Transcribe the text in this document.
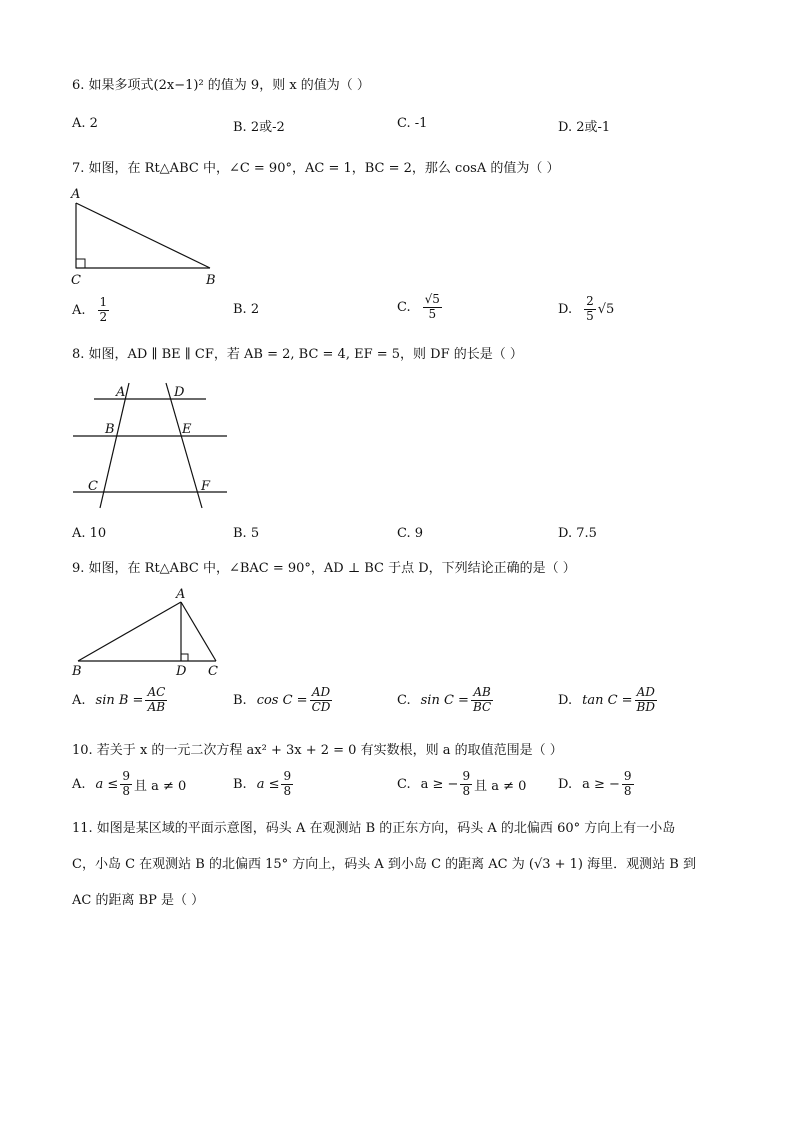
6. 如果多项式(2x−1)² 的值为 9，则 x 的值为（ ）
A. 2	B. 2或-2	C. -1	D. 2或-1
7. 如图，在 Rt△ABC 中，∠C = 90°，AC = 1，BC = 2，那么 cosA 的值为（ ）
A
C	B
A. $\frac{1}{2}$	B. 2	C. $\frac{√5}{5}$	D. $\frac{2}{5} √5$
8. 如图，AD ∥ BE ∥ CF，若 AB = 2, BC = 4, EF = 5，则 DF 的长是（ ）
A	D
B	E
C	F
A. 10	B. 5	C. 9	D. 7.5
9. 如图，在 Rt△ABC 中，∠BAC = 90°，AD ⊥ BC 于点 D，下列结论正确的是（ ）
A
B	D C
A. $\sin B = \frac{AC}{AB}$	B. $\cos C = \frac{AD}{CD}$	C. $\sin C = \frac{AB}{BC}$	D. $\tan C = \frac{AD}{BD}$
10. 若关于 x 的一元二次方程 ax² + 3x + 2 = 0 有实数根，则 a 的取值范围是（ ）
A. $a \le \frac{9}{8}$ 且 a ≠ 0	B. $a \le \frac{9}{8}$	C. a ≥ − $\frac{9}{8}$ 且 a ≠ 0 D. a ≥ − $\frac{9}{8}$
11. 如图是某区域的平面示意图，码头 A 在观测站 B 的正东方向，码头 A 的北偏西 60° 方向上有一小岛
C，小岛 C 在观测站 B 的北偏西 15° 方向上，码头 A 到小岛 C 的距离 AC 为 (√3 + 1) 海里．观测站 B 到
AC 的距离 BP 是（ ）
